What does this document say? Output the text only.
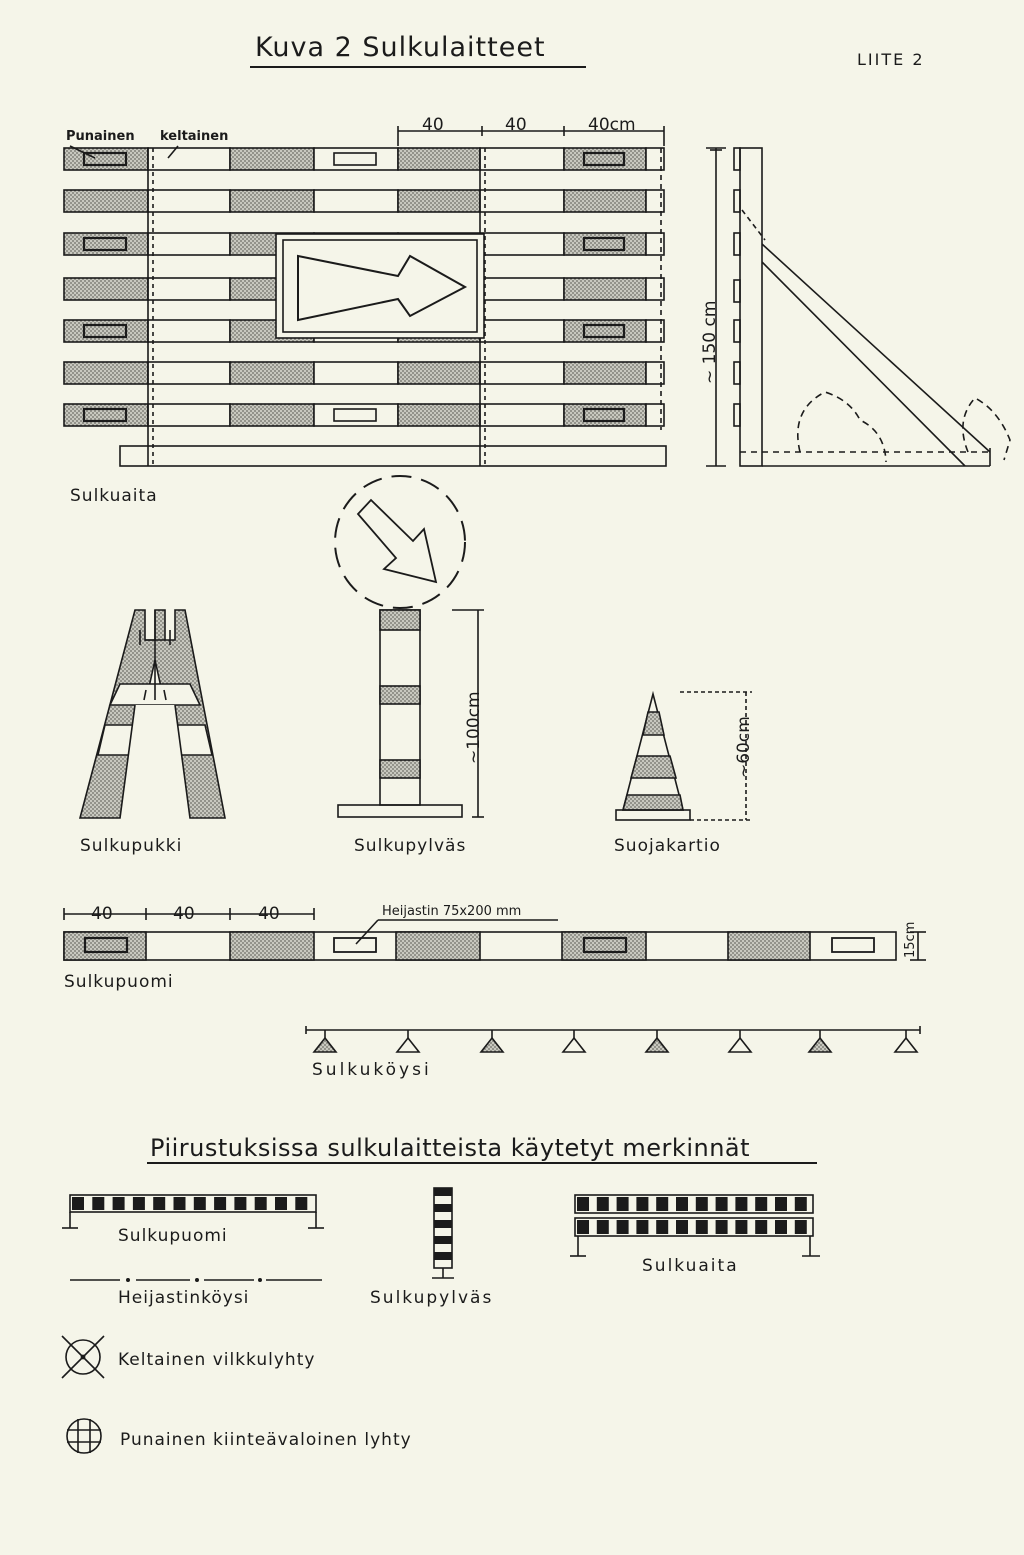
Kuva 2 Sulkulaitteet	LIITE 2
Punainen keltainen
40	40	40cm
~ 150 cm
Sulkuaita
~100cm	~60cm
Sulkupukki	Sulkupylväs	Suojakartio
40	40	40	Heijastin 75x200 mm
15cm
Sulkupuomi
Sulkuköysi
Piirustuksissa sulkulaitteista käytetyt merkinnät
Sulkupuomi
Sulkuaita
Heijastinköysi	Sulkupylväs
Keltainen vilkkulyhty
Punainen kiinteävaloinen lyhty
